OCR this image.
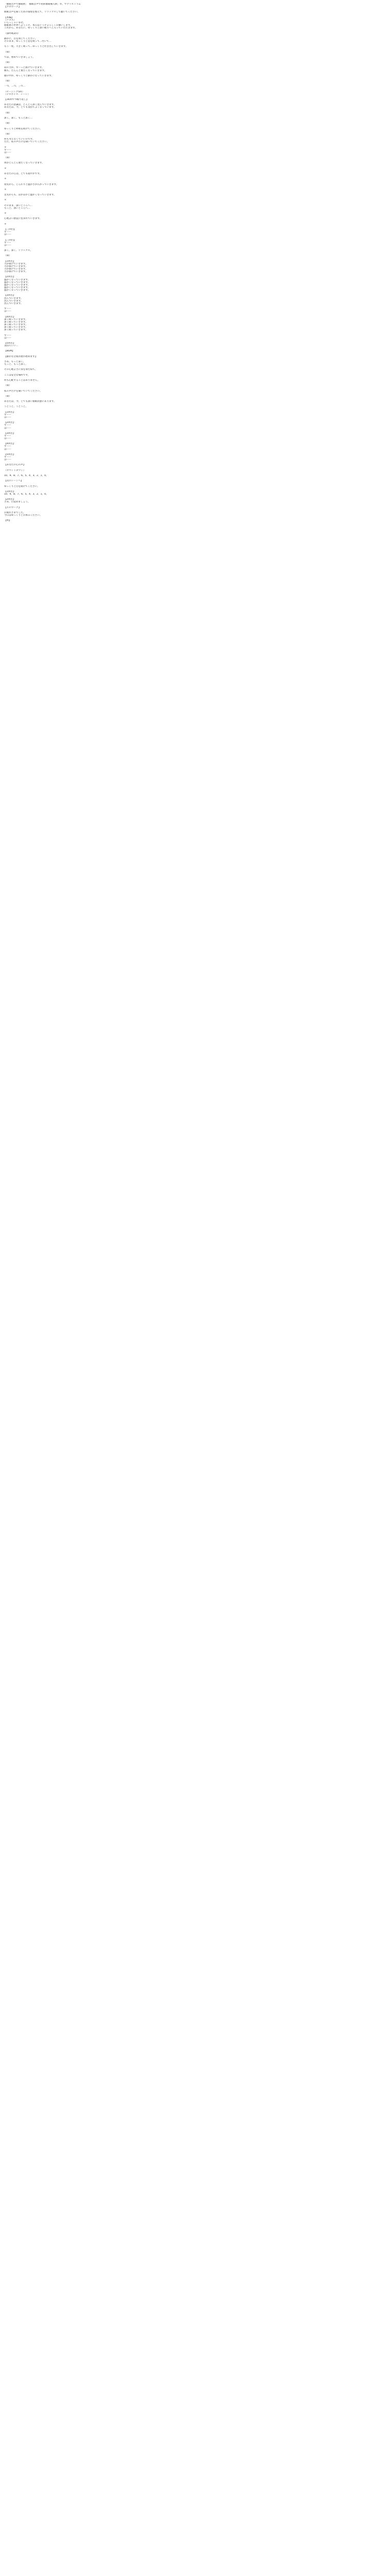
「催眠音声で催眠術」　催眠音声で初回催眠導入術」作、サクリストラム
【プロローグ】
催眠音声を聞くための環境を整えて、リラックスして聴いてください。
【本編】
（ケプス）
いらっしゃいませ。
催眠術の世界へようこそ。本日はどうぞよろしくお願いします。
これから、あなたに、ゆっくりと深い眠りへと入っていただきます。
（深呼吸2回）
静かに、目を閉じてください。
そのまま、ゆっくりと息を吸って…吐いて…
もう一度、大きく吸って…ゆっくりと吐き出していきます。
（間）
では、始めていきましょう。
（間）
肩の力が、すーっと抜けていきます。
腕も、だらんと重たくなっていきます。
頭の中が、ゆっくりと静かになっていきます。
（間）
一つ、二つ、三つ…
（ビージング5回）
（デスボイス：シーン）
【16回ずつ繰り返し】
あなたの意識は、どんどん深く沈んでいきます。
あなたは、今、とても気持ちよくなっています。
（間）
深く、深く、もっと深く…
（間）
ゆっくりと呼吸を続けてください。
（間）
何も考えなくていいのです。
ただ、私の声だけを聞いていてください。
＊
すーー
はーー
（間）
体がどんどん重たくなっていきます。
＊
あなたの心は、とても穏やかです。
＊
指先から、じんわりと温かさが広がっていきます。
＊
足先からも、ぽかぽかと温かくなっていきます。
＊
そのまま、深いところへ…
もっと、深いところへ…
＊
心地よい感覚に包まれていきます。
＊
【三回目】
すーー
はーー
【三回目】
すーー
はーー
深く、深く、リラックス。
（間）
【1回目】
力が抜けていきます。
力が抜けていきます。
力が抜けていきます。
力が抜けていきます。
【2回目】
温かくなっていきます。
温かくなっていきます。
温かくなっていきます。
温かくなっていきます。
温かくなっていきます。
【3回目】
沈んでいきます。
沈んでいきます。
沈んでいきます。
すーー
はーー
【4回目】
深く眠っていきます。
深く眠っていきます。
深く眠っていきます。
深く眠っていきます。
深く眠っていきます。
すーー
はーー
【5回目】
気持ちいい…
【BGM】
【静かな音楽が流れ始めます】
さあ、もっと深く。
もっと、もっと深く。
その心地よさに身をゆだねて。
ここは安全な場所です。
何も心配することはありません。
（間）
私の声だけを聞いていてください。
（間）
あなたは、今、とても深い催眠状態にあります。
うとうと、うとうと。
【1回目】
すーー
はーー
【2回目】
すーー
はーー
【3回目】
すーー
はーー
【4回目】
すーー
はーー
【5回目】
すーー
はーー
【あなたの心の声】
（カウントダウン）
10、9、8、7、6、5、4、3、2、1、0。
【次のシーンへ】
ゆっくりと目を開けてください。
【1回目】
10、9、8、7、6、5、4、3、2、1、0。
【2回目】
さあ、目覚めましょう。
【エピローグ】
お疲れさまでした。
今日はゆっくりとお休みください。
【終】
